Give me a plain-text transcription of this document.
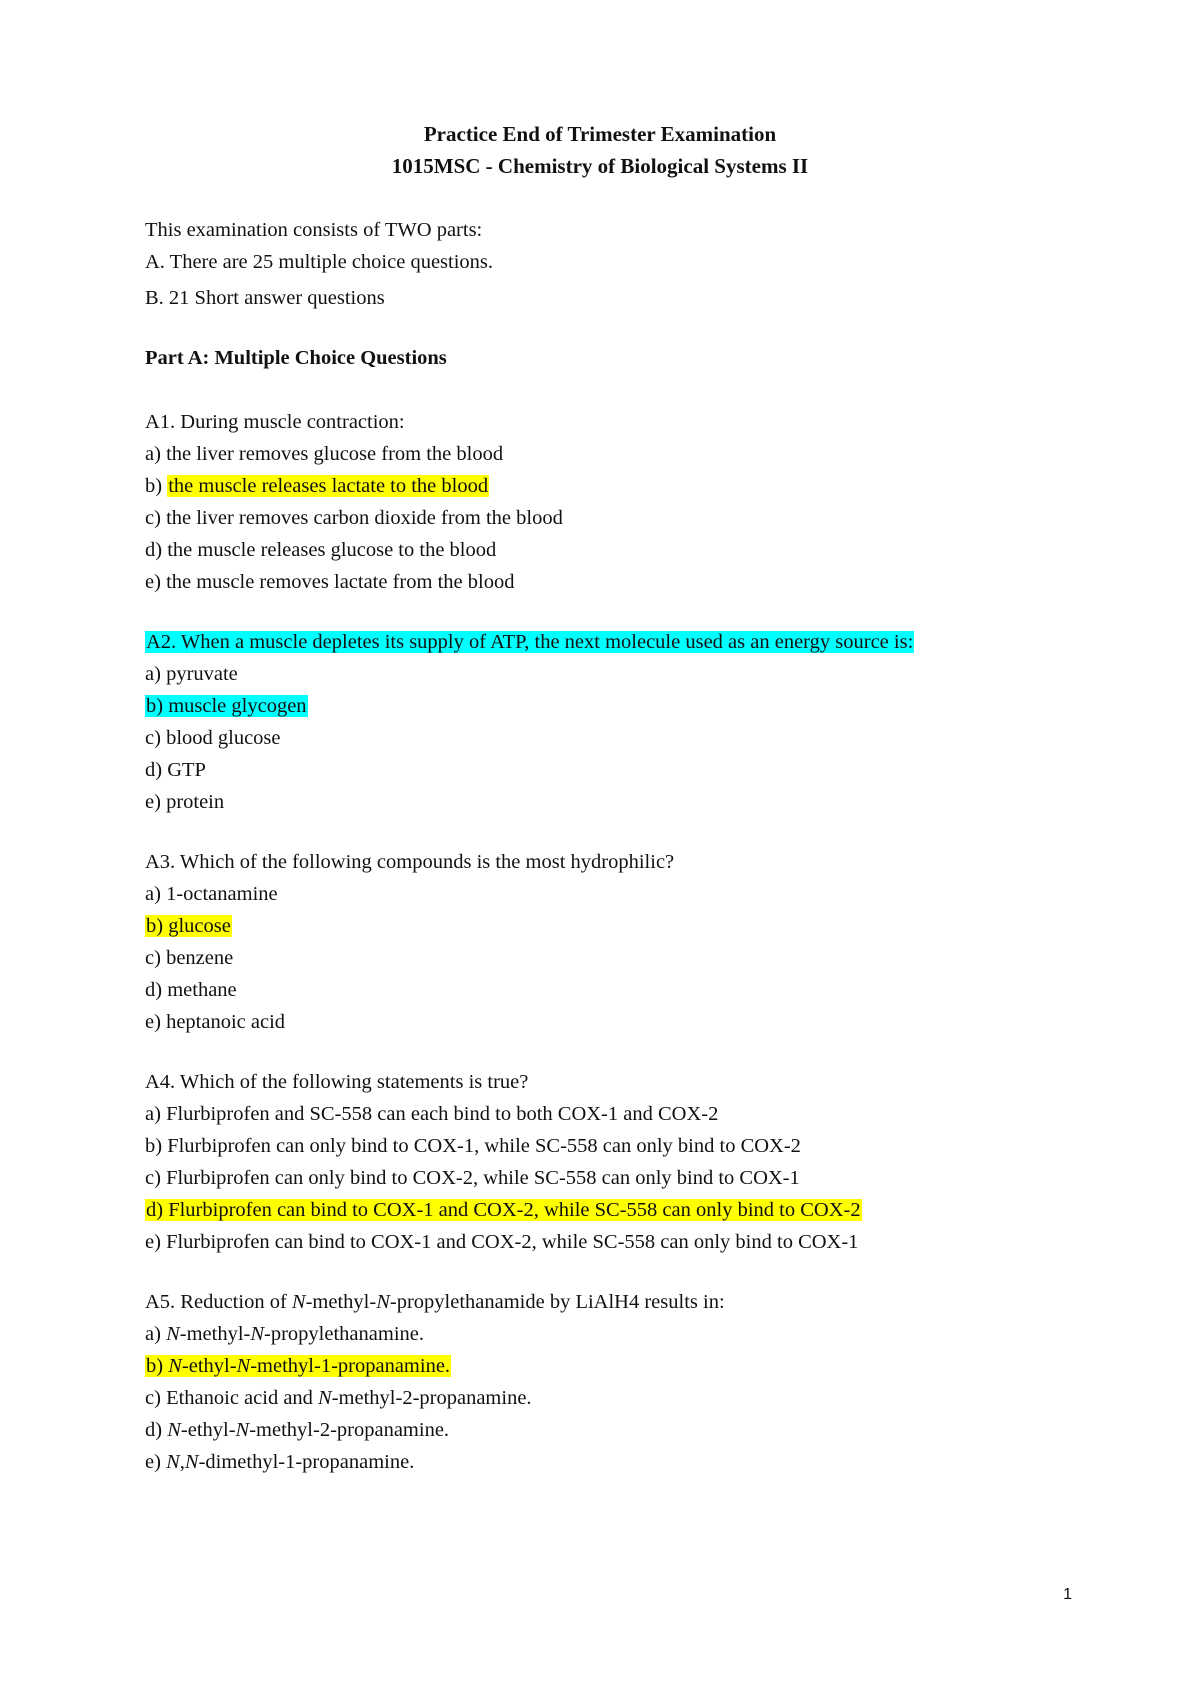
Practice End of Trimester Examination
1015MSC - Chemistry of Biological Systems II

This examination consists of TWO parts:

A. There are 25 multiple choice questions.

B. 21 Short answer questions

Part A: Multiple Choice Questions

A1. During muscle contraction:

a) the liver removes glucose from the blood

b) the muscle releases lactate to the blood

c) the liver removes carbon dioxide from the blood

d) the muscle releases glucose to the blood

e) the muscle removes lactate from the blood

A2. When a muscle depletes its supply of ATP, the next molecule used as an energy source is:

a) pyruvate

b) muscle glycogen

c) blood glucose

d) GTP

e) protein

A3. Which of the following compounds is the most hydrophilic?

a) 1-octanamine

b) glucose

c) benzene

d) methane

e) heptanoic acid

A4. Which of the following statements is true?

a) Flurbiprofen and SC-558 can each bind to both COX-1 and COX-2

b) Flurbiprofen can only bind to COX-1, while SC-558 can only bind to COX-2

c) Flurbiprofen can only bind to COX-2, while SC-558 can only bind to COX-1

d) Flurbiprofen can bind to COX-1 and COX-2, while SC-558 can only bind to COX-2

e) Flurbiprofen can bind to COX-1 and COX-2, while SC-558 can only bind to COX-1

A5. Reduction of N-methyl-N-propylethanamide by LiAlH4 results in:

a) N-methyl-N-propylethanamine.

b) N-ethyl-N-methyl-1-propanamine.

c) Ethanoic acid and N-methyl-2-propanamine.

d) N-ethyl-N-methyl-2-propanamine.

e) N,N-dimethyl-1-propanamine.

1
